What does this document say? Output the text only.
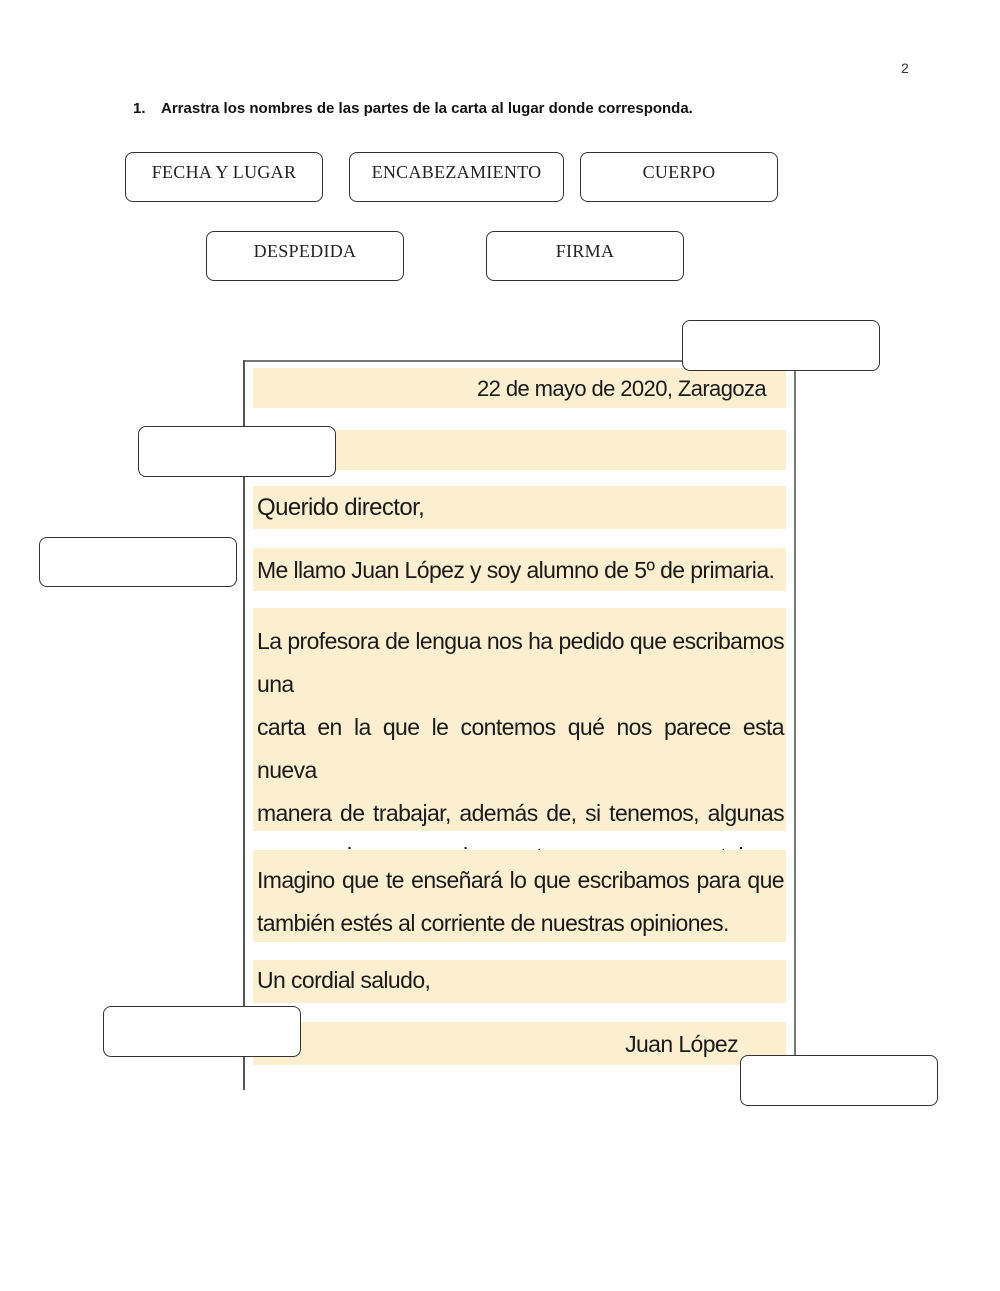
2
1. Arrastra los nombres de las partes de la carta al lugar donde corresponda.
FECHA Y LUGAR	ENCABEZAMIENTO	CUERPO
DESPEDIDA	FIRMA
22 de mayo de 2020, Zaragoza
Querido director,
Me llamo Juan López y soy alumno de 5º de primaria.
La profesora de lengua nos ha pedido que escribamos una
carta en la que le contemos qué nos parece esta nueva
manera de trabajar, además de, si tenemos, algunas
Imagino que te enseñará lo que escribamos para que
también estés al corriente de nuestras opiniones.
Un cordial saludo,
Juan López
